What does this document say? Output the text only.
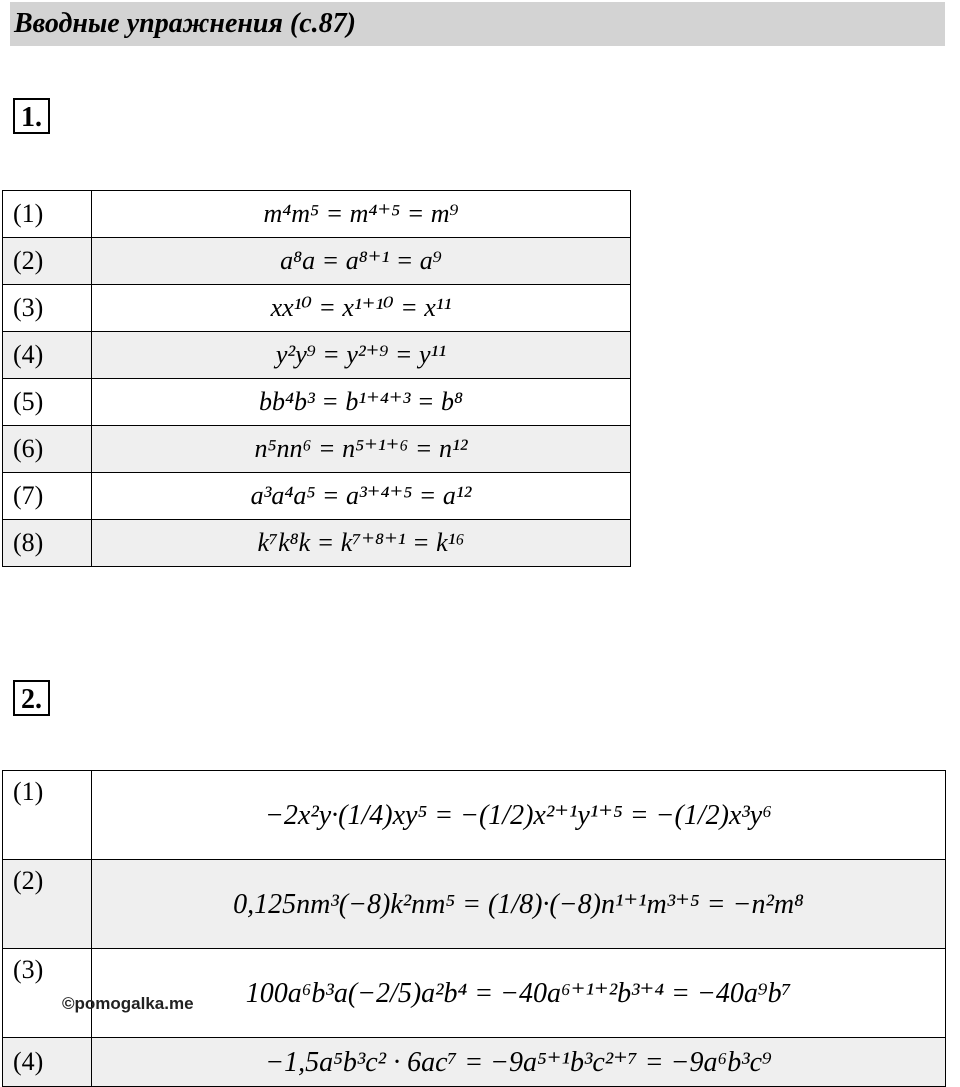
Вводные упражнения (с.87)
1.
(1)	m⁴m⁵ = m⁴⁺⁵ = m⁹
(2)	a⁸a = a⁸⁺¹ = a⁹
(3)	xx¹⁰ = x¹⁺¹⁰ = x¹¹
(4)	y²y⁹ = y²⁺⁹ = y¹¹
(5)	bb⁴b³ = b¹⁺⁴⁺³ = b⁸
(6)	n⁵nn⁶ = n⁵⁺¹⁺⁶ = n¹²
(7)	a³a⁴a⁵ = a³⁺⁴⁺⁵ = a¹²
(8)	k⁷k⁸k = k⁷⁺⁸⁺¹ = k¹⁶
2.
(1)	−2x²y·(1/4)xy⁵ = −(1/2)x²⁺¹y¹⁺⁵ = −(1/2)x³y⁶
(2)	0,125nm³(−8)k²nm⁵ = (1/8)·(−8)n¹⁺¹m³⁺⁵ = −n²m⁸
(3)	100a⁶b³a(−2/5)a²b⁴ = −40a⁶⁺¹⁺²b³⁺⁴ = −40a⁹b⁷
(4)	−1,5a⁵b³c² · 6ac⁷ = −9a⁵⁺¹b³c²⁺⁷ = −9a⁶b³c⁹
©pomogalka.me
